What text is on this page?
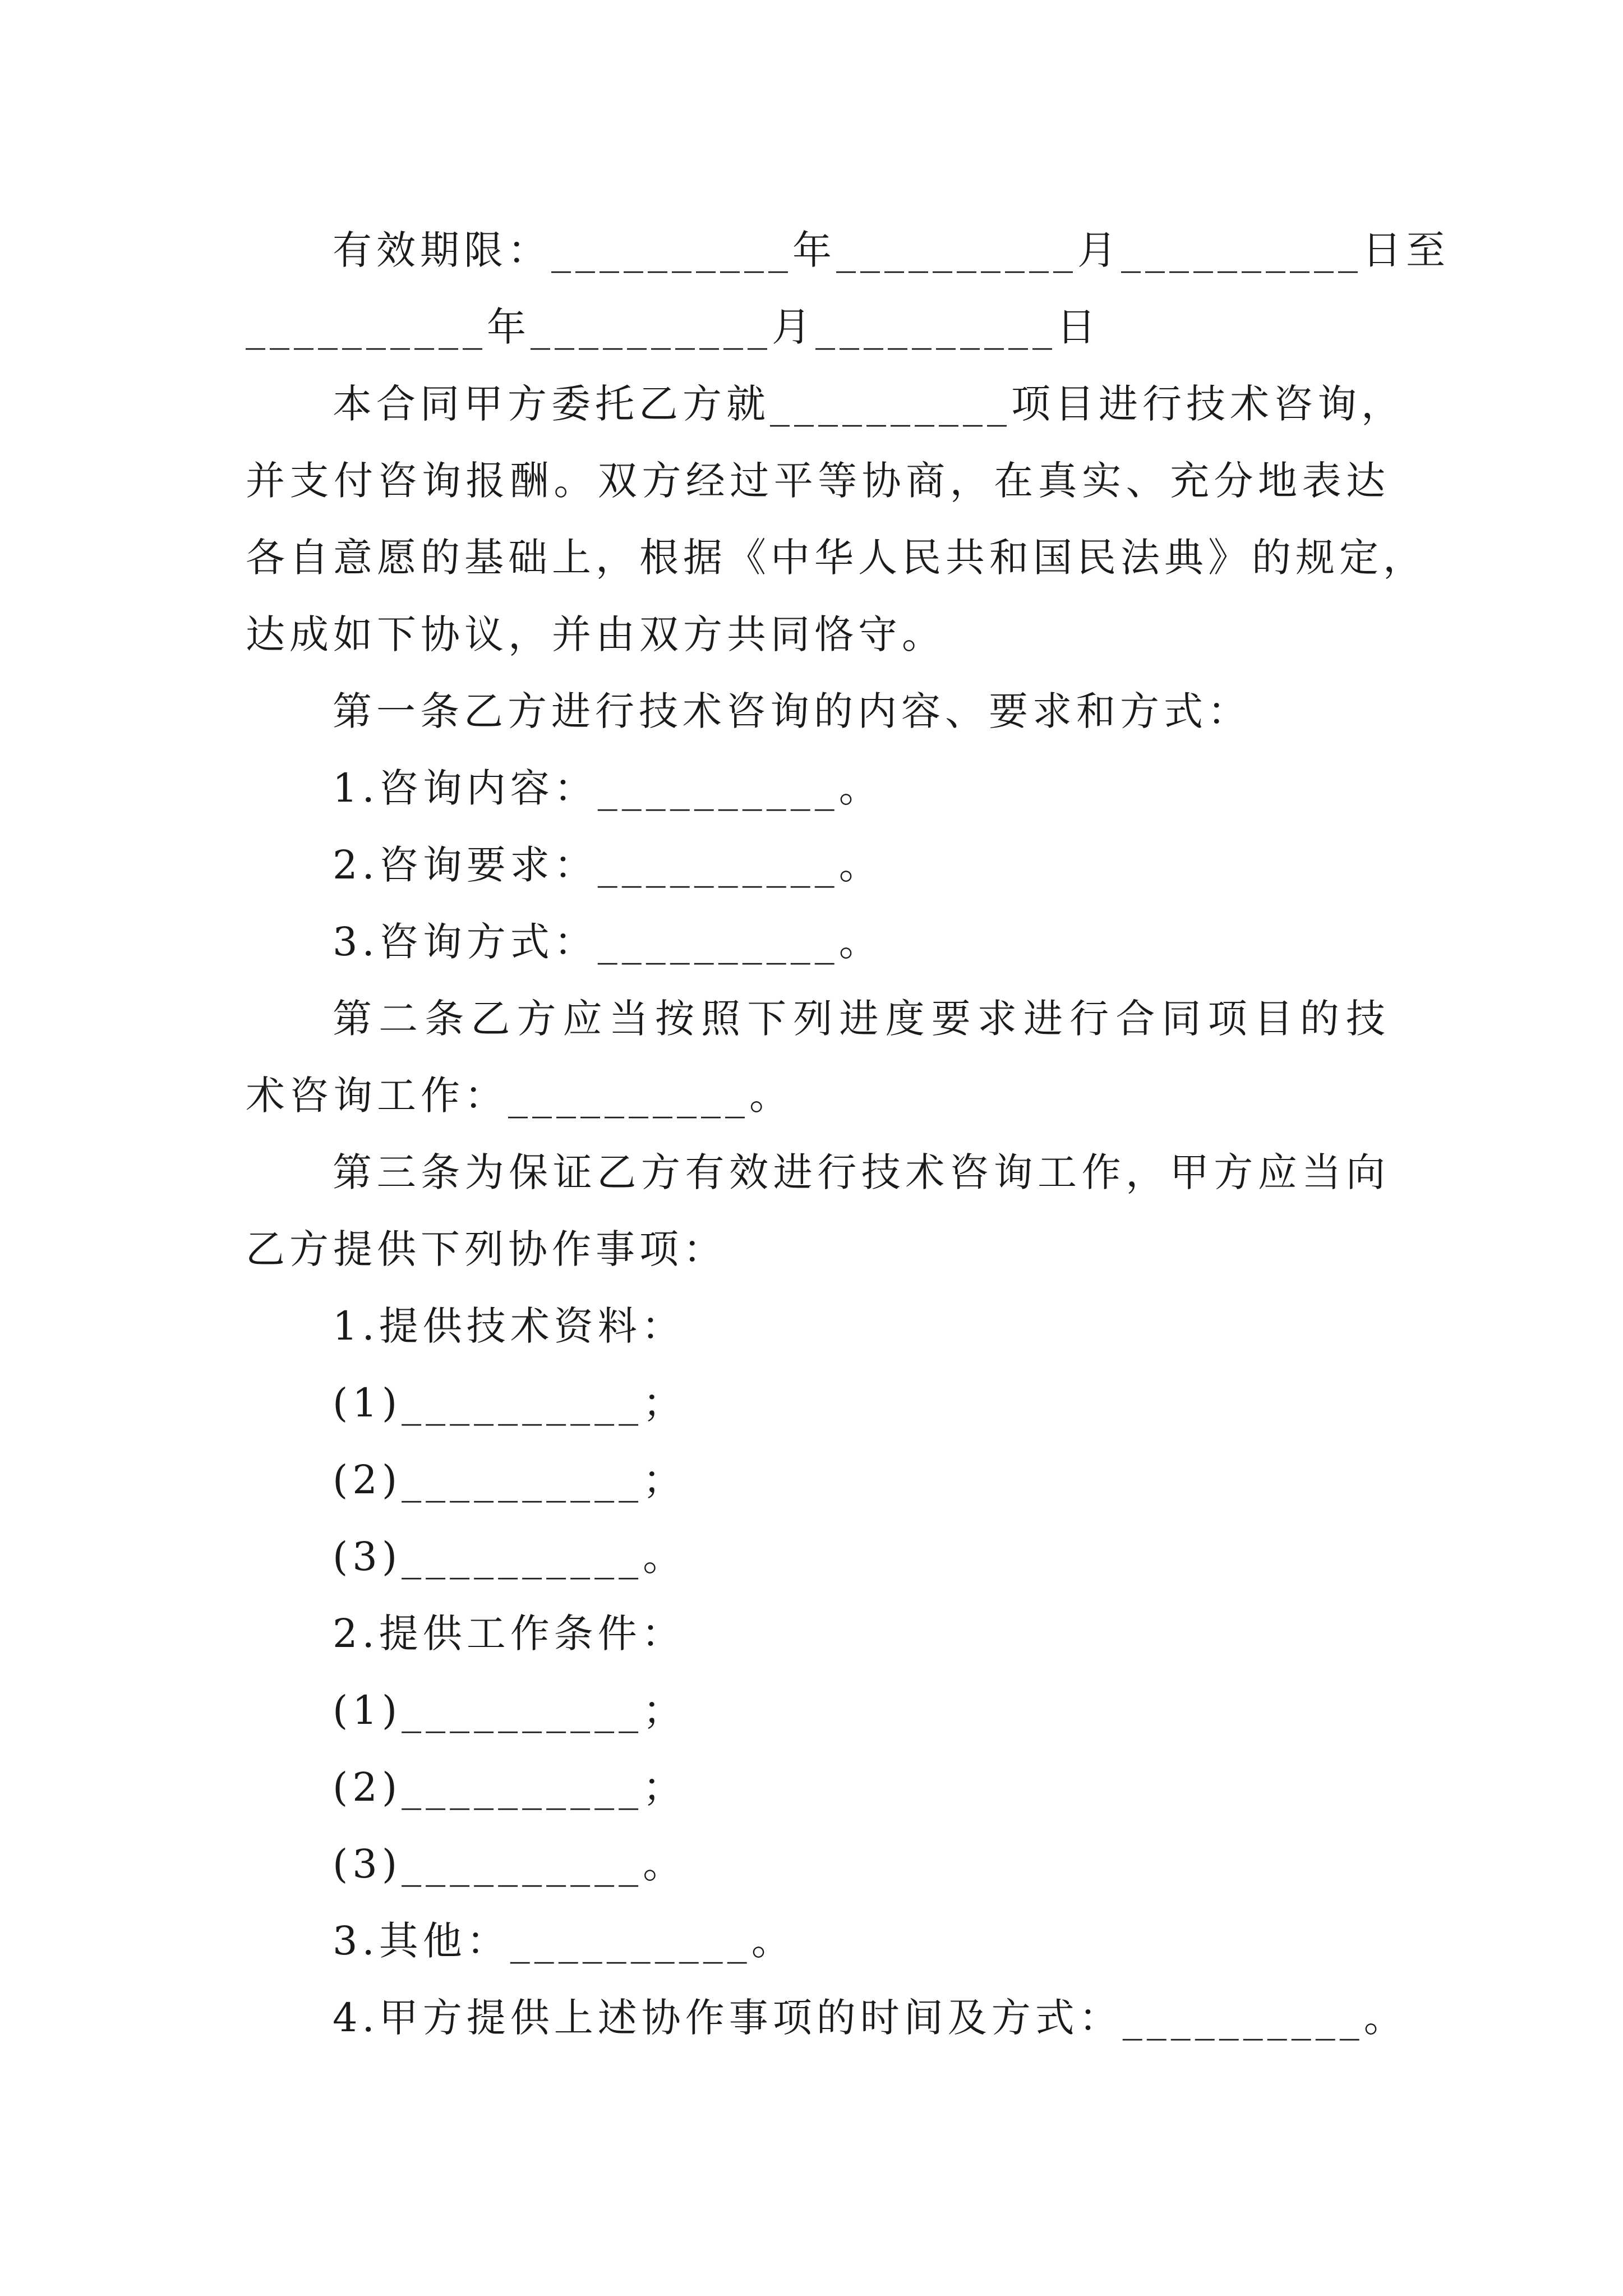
有效期限：__________年__________月__________日至
__________年__________月__________日
本合同甲方委托乙方就__________项目进行技术咨询，
并支付咨询报酬。双方经过平等协商，在真实、充分地表达
各自意愿的基础上，根据《中华人民共和国民法典》的规定，
达成如下协议，并由双方共同恪守。
第一条乙方进行技术咨询的内容、要求和方式：
1.咨询内容：__________。
2.咨询要求：__________。
3.咨询方式：__________。
第二条乙方应当按照下列进度要求进行合同项目的技
术咨询工作：__________。
第三条为保证乙方有效进行技术咨询工作，甲方应当向
乙方提供下列协作事项：
1.提供技术资料：
(1)__________；
(2)__________；
(3)__________。
2.提供工作条件：
(1)__________；
(2)__________；
(3)__________。
3.其他：__________。
4.甲方提供上述协作事项的时间及方式：__________。
